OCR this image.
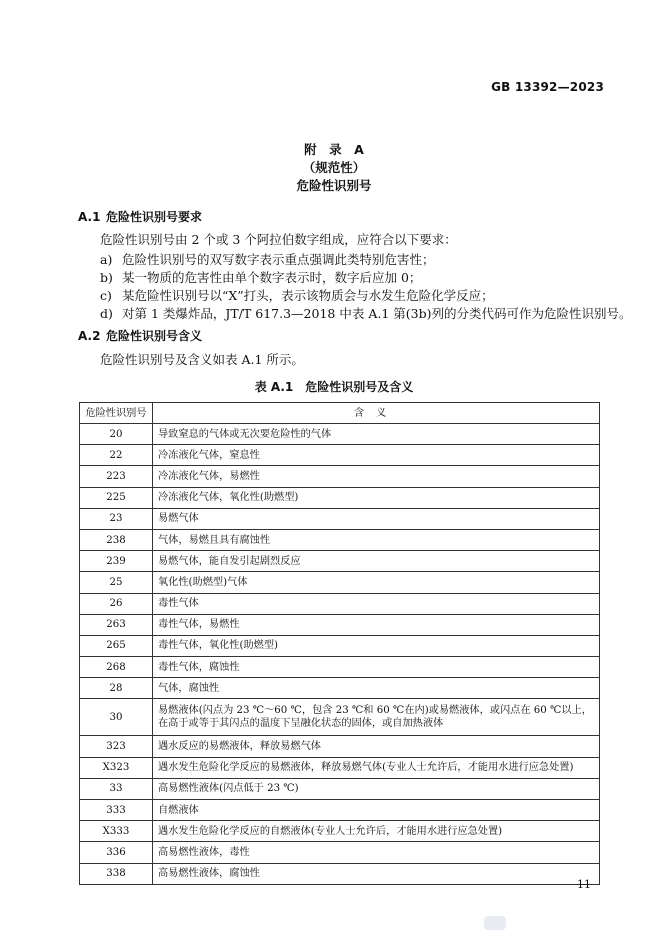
GB 13392—2023
附　录　A
（规范性）
危险性识别号
A.1 危险性识别号要求
危险性识别号由 2 个或 3 个阿拉伯数字组成，应符合以下要求：
a) 危险性识别号的双写数字表示重点强调此类特别危害性；
b) 某一物质的危害性由单个数字表示时，数字后应加 0；
c) 某危险性识别号以“X”打头，表示该物质会与水发生危险化学反应；
d) 对第 1 类爆炸品，JT/T 617.3—2018 中表 A.1 第(3b)列的分类代码可作为危险性识别号。
A.2 危险性识别号含义
危险性识别号及含义如表 A.1 所示。
表 A.1　危险性识别号及含义
危险性识别号	含义
20	导致窒息的气体或无次要危险性的气体
22	冷冻液化气体，窒息性
223	冷冻液化气体，易燃性
225	冷冻液化气体，氧化性(助燃型)
23	易燃气体
238	气体，易燃且具有腐蚀性
239	易燃气体，能自发引起剧烈反应
25	氧化性(助燃型)气体
26	毒性气体
263	毒性气体，易燃性
265	毒性气体，氧化性(助燃型)
268	毒性气体，腐蚀性
28	气体，腐蚀性
30	易燃液体(闪点为 23 ℃～60 ℃，包含 23 ℃和 60 ℃在内)或易燃液体，或闪点在 60 ℃以上，在高于或等于其闪点的温度下呈融化状态的固体，或自加热液体
323	遇水反应的易燃液体，释放易燃气体
X323	遇水发生危险化学反应的易燃液体，释放易燃气体(专业人士允许后，才能用水进行应急处置)
33	高易燃性液体(闪点低于 23 ℃)
333	自燃液体
X333	遇水发生危险化学反应的自燃液体(专业人士允许后，才能用水进行应急处置)
336	高易燃性液体，毒性
338	高易燃性液体，腐蚀性
11
